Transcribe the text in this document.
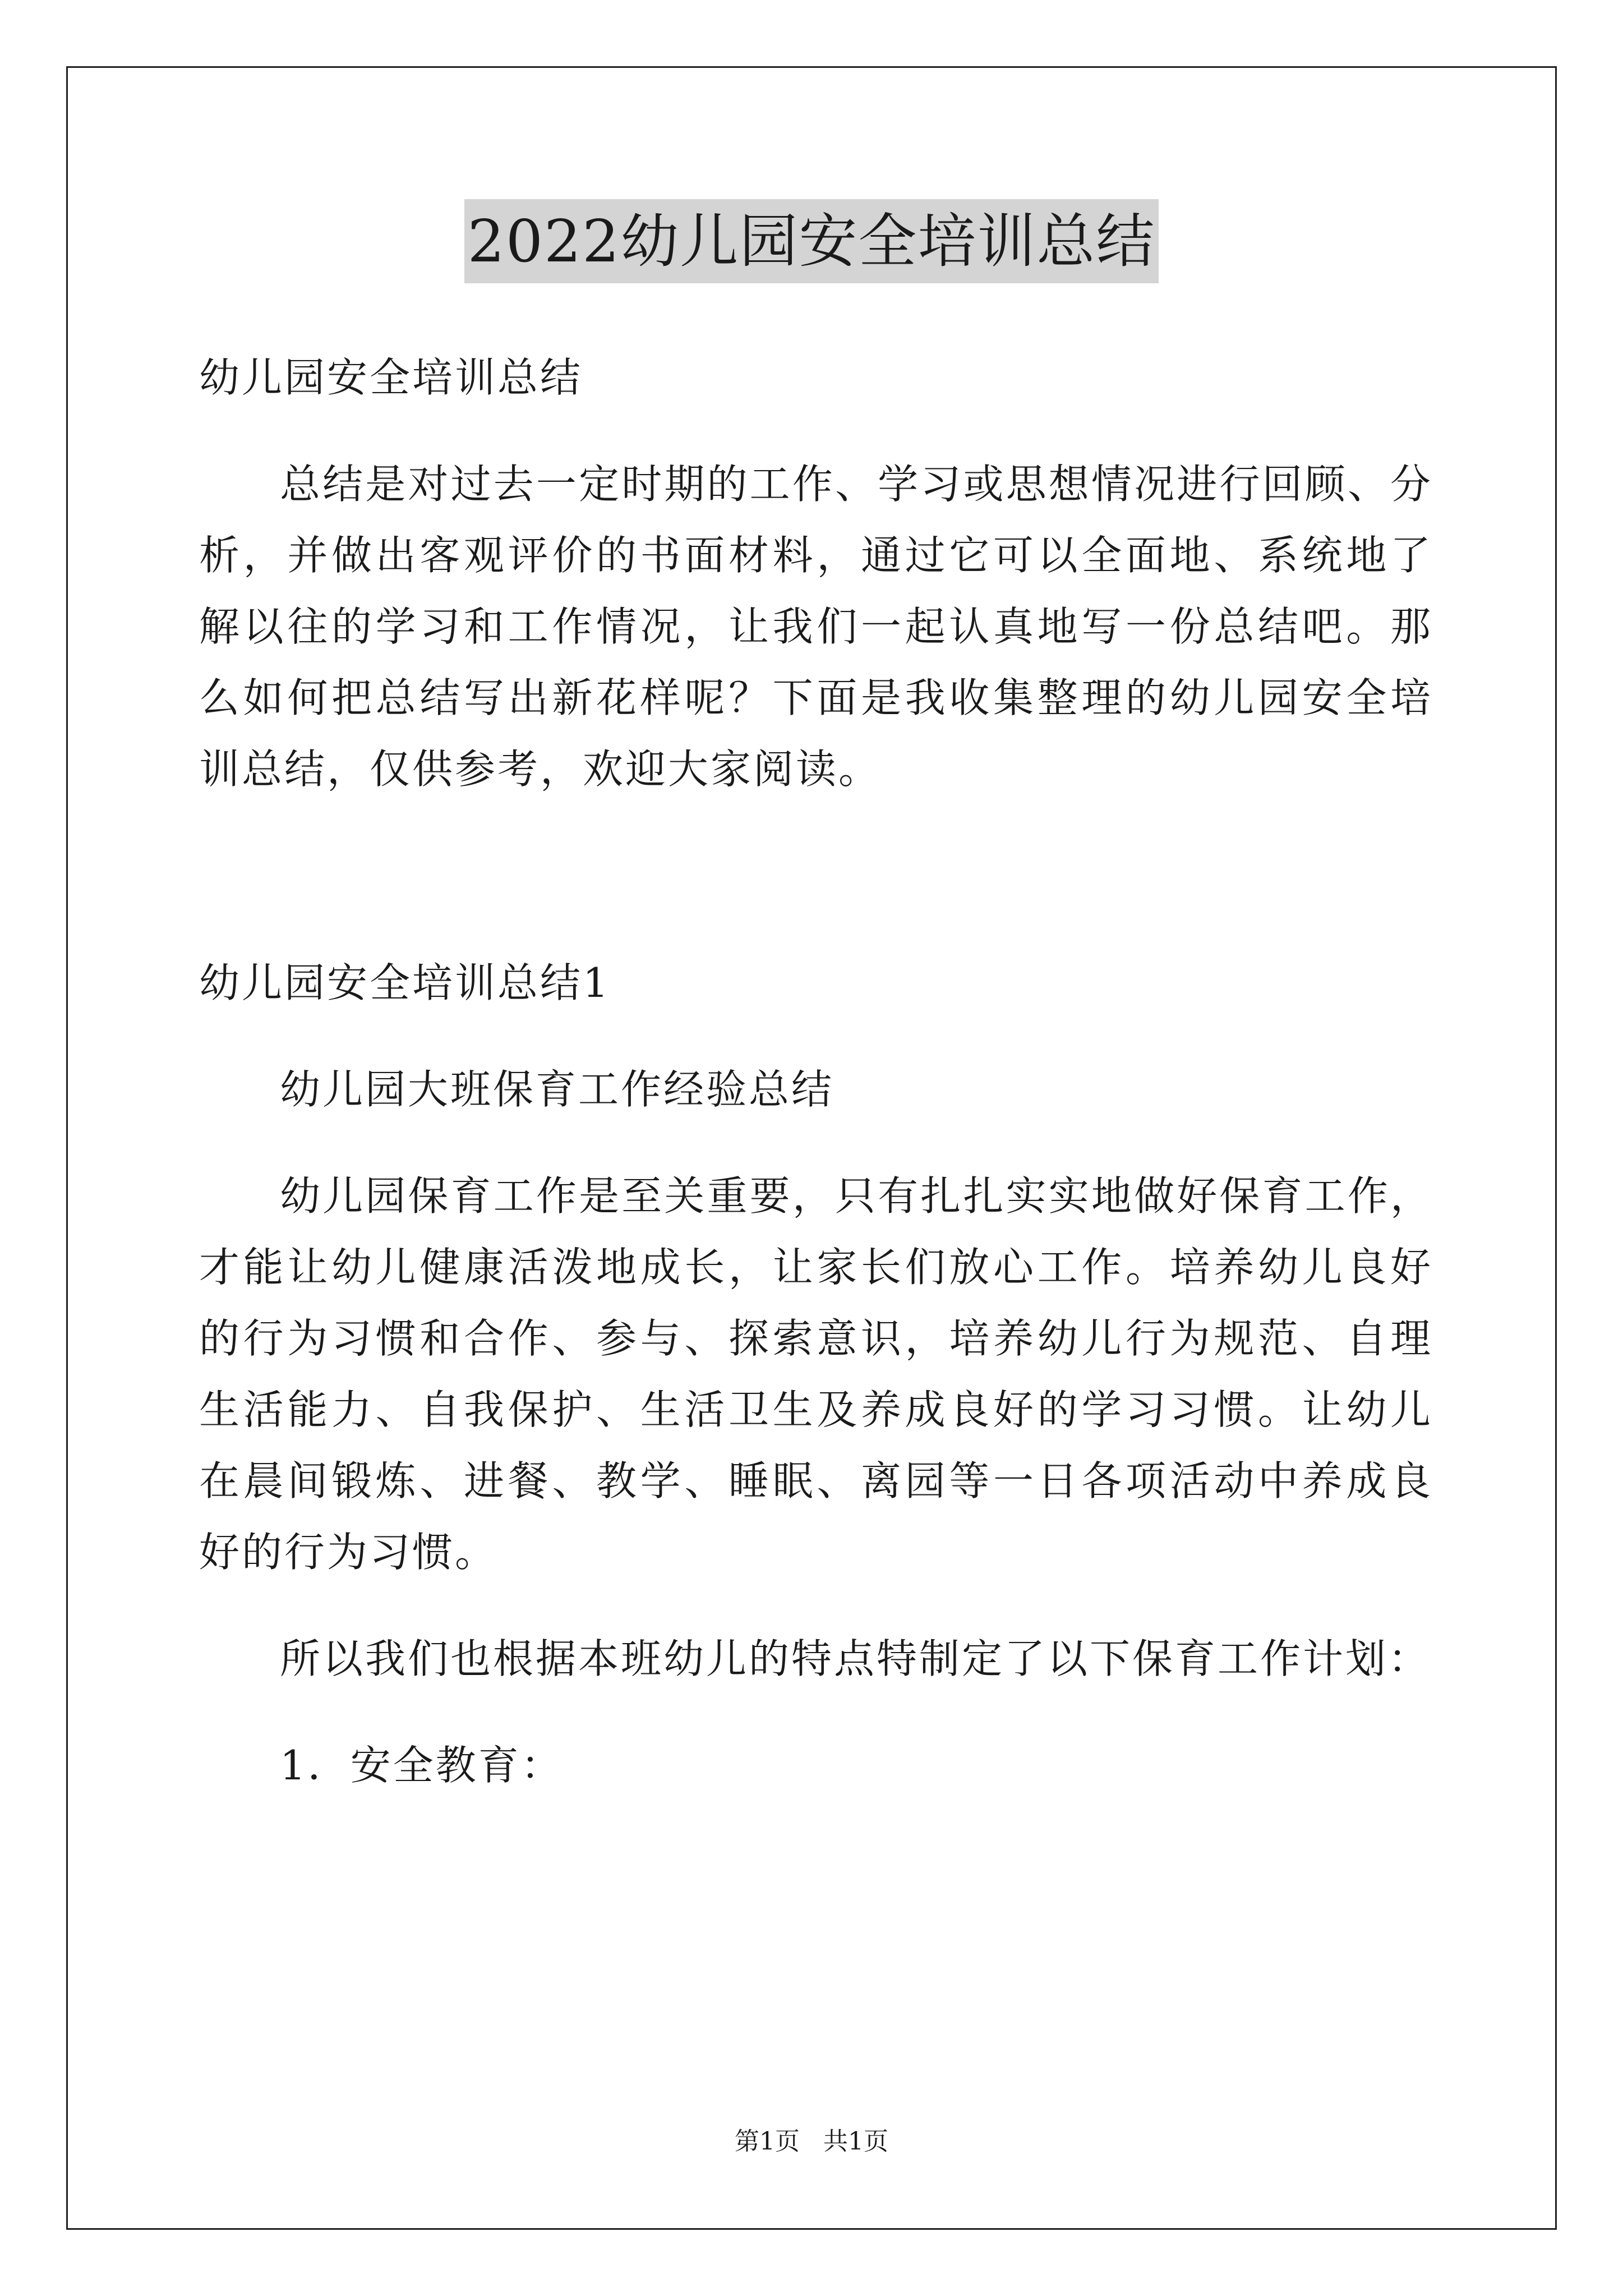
2022幼儿园安全培训总结

幼儿园安全培训总结

总结是对过去一定时期的工作、学习或思想情况进行回顾、分析，并做出客观评价的书面材料，通过它可以全面地、系统地了解以往的学习和工作情况，让我们一起认真地写一份总结吧。那么如何把总结写出新花样呢？下面是我收集整理的幼儿园安全培训总结，仅供参考，欢迎大家阅读。

幼儿园安全培训总结1

幼儿园大班保育工作经验总结

幼儿园保育工作是至关重要，只有扎扎实实地做好保育工作，才能让幼儿健康活泼地成长，让家长们放心工作。培养幼儿良好的行为习惯和合作、参与、探索意识，培养幼儿行为规范、自理生活能力、自我保护、生活卫生及养成良好的学习习惯。让幼儿在晨间锻炼、进餐、教学、睡眠、离园等一日各项活动中养成良好的行为习惯。

所以我们也根据本班幼儿的特点特制定了以下保育工作计划：

1．安全教育：

第1页 共1页
